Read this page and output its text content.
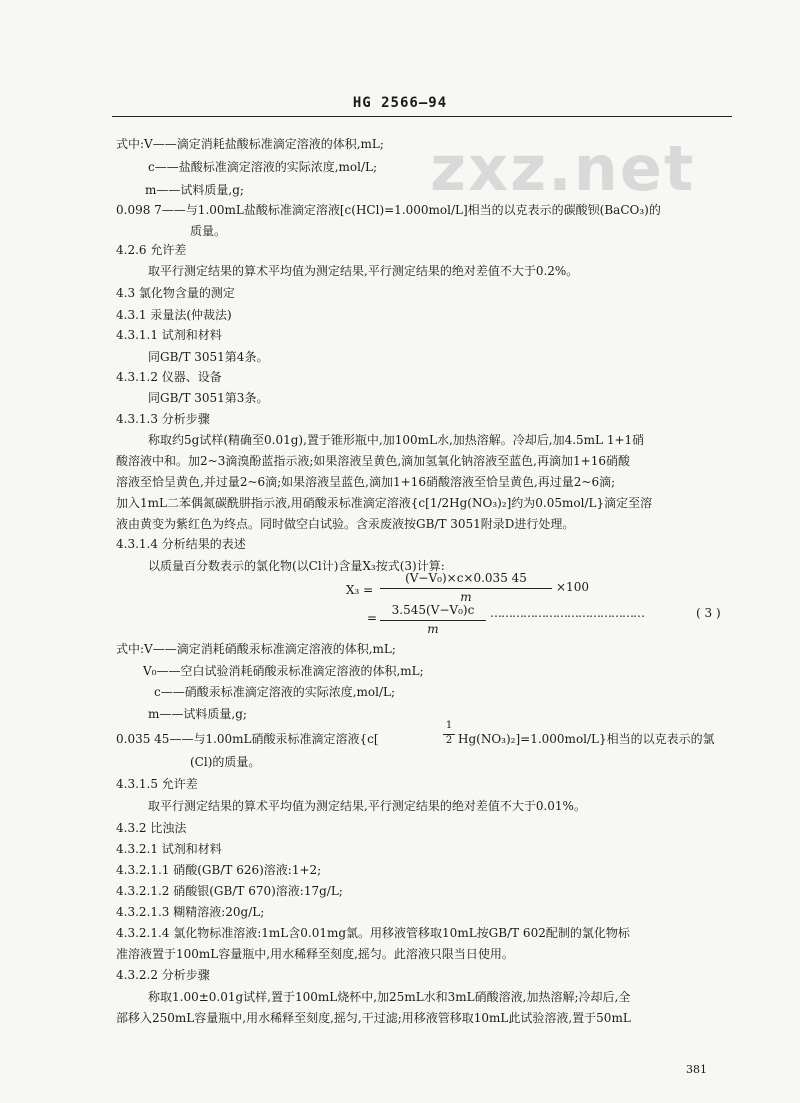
HG 2566—94
zxz.net
式中:V——滴定消耗盐酸标准滴定溶液的体积,mL;
c——盐酸标准滴定溶液的实际浓度,mol/L;
m——试料质量,g;
0.098 7——与1.00mL盐酸标准滴定溶液[c(HCl)=1.000mol/L]相当的以克表示的碳酸钡(BaCO₃)的
质量。
4.2.6 允许差
取平行测定结果的算术平均值为测定结果,平行测定结果的绝对差值不大于0.2%。
4.3 氯化物含量的测定
4.3.1 汞量法(仲裁法)
4.3.1.1 试剂和材料
同GB/T 3051第4条。
4.3.1.2 仪器、设备
同GB/T 3051第3条。
4.3.1.3 分析步骤
称取约5g试样(精确至0.01g),置于锥形瓶中,加100mL水,加热溶解。冷却后,加4.5mL 1+1硝
酸溶液中和。加2~3滴溴酚蓝指示液;如果溶液呈黄色,滴加氢氧化钠溶液至蓝色,再滴加1+16硝酸
溶液至恰呈黄色,并过量2~6滴;如果溶液呈蓝色,滴加1+16硝酸溶液至恰呈黄色,再过量2~6滴;
加入1mL二苯偶氮碳酰肼指示液,用硝酸汞标准滴定溶液{c[1/2Hg(NO₃)₂]约为0.05mol/L}滴定至溶
液由黄变为紫红色为终点。同时做空白试验。含汞废液按GB/T 3051附录D进行处理。
4.3.1.4 分析结果的表述
以质量百分数表示的氯化物(以Cl计)含量X₃按式(3)计算:
X₃ =
(V−V₀)×c×0.035 45
m
×100
=
3.545(V−V₀)c
m
……………………………………	( 3 )
式中:V——滴定消耗硝酸汞标准滴定溶液的体积,mL;
V₀——空白试验消耗硝酸汞标准滴定溶液的体积,mL;
c——硝酸汞标准滴定溶液的实际浓度,mol/L;
m——试料质量,g;
0.035 45——与1.00mL硝酸汞标准滴定溶液{c[
1
2 Hg(NO₃)₂]=1.000mol/L}相当的以克表示的氯
(Cl)的质量。
4.3.1.5 允许差
取平行测定结果的算术平均值为测定结果,平行测定结果的绝对差值不大于0.01%。
4.3.2 比浊法
4.3.2.1 试剂和材料
4.3.2.1.1 硝酸(GB/T 626)溶液:1+2;
4.3.2.1.2 硝酸银(GB/T 670)溶液:17g/L;
4.3.2.1.3 糊精溶液:20g/L;
4.3.2.1.4 氯化物标准溶液:1mL含0.01mg氯。用移液管移取10mL按GB/T 602配制的氯化物标
准溶液置于100mL容量瓶中,用水稀释至刻度,摇匀。此溶液只限当日使用。
4.3.2.2 分析步骤
称取1.00±0.01g试样,置于100mL烧杯中,加25mL水和3mL硝酸溶液,加热溶解;冷却后,全
部移入250mL容量瓶中,用水稀释至刻度,摇匀,干过滤;用移液管移取10mL此试验溶液,置于50mL
381
